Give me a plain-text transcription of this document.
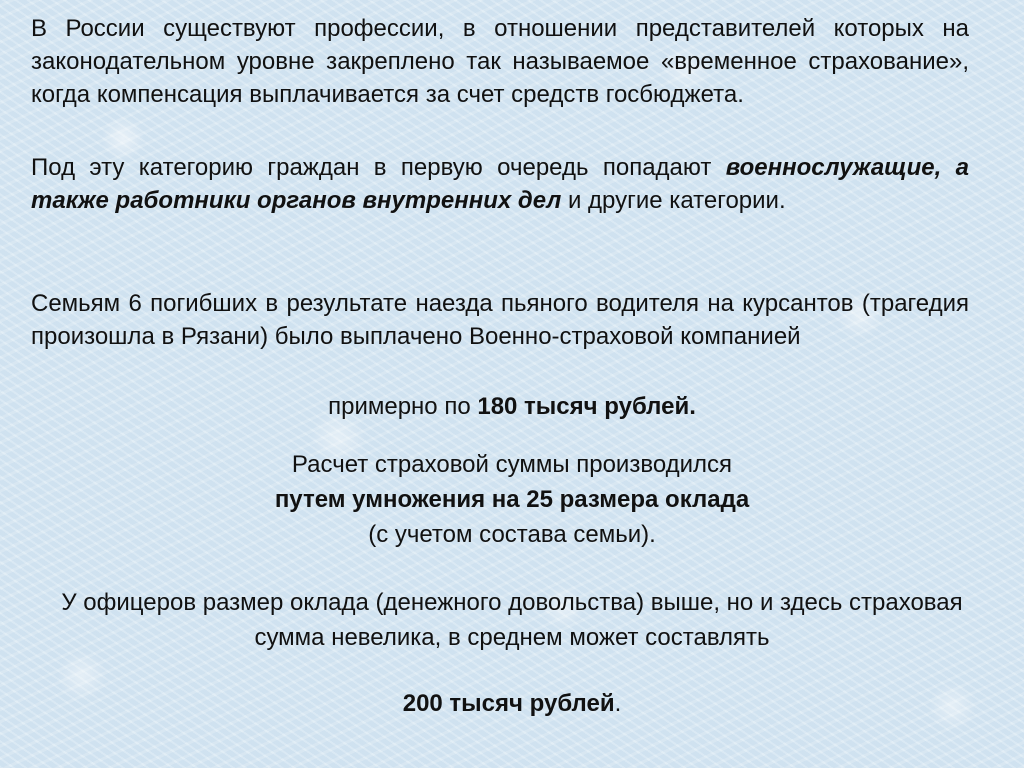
В России существуют профессии, в отношении представителей которых на законодательном уровне закреплено так называемое «временное страхование», когда компенсация выплачивается за счет средств госбюджета.

Под эту категорию граждан в первую очередь попадают военнослужащие, а также работники органов внутренних дел и другие категории.

Семьям 6 погибших в результате наезда пьяного водителя на курсантов (трагедия произошла в Рязани) было выплачено Военно-страховой компанией

примерно по 180 тысяч рублей.
Расчет страховой суммы производился
путем умножения на 25 размера оклада
(с учетом состава семьи).
У офицеров размер оклада (денежного довольства) выше, но и здесь страховая сумма невелика, в среднем может составлять
200 тысяч рублей.
